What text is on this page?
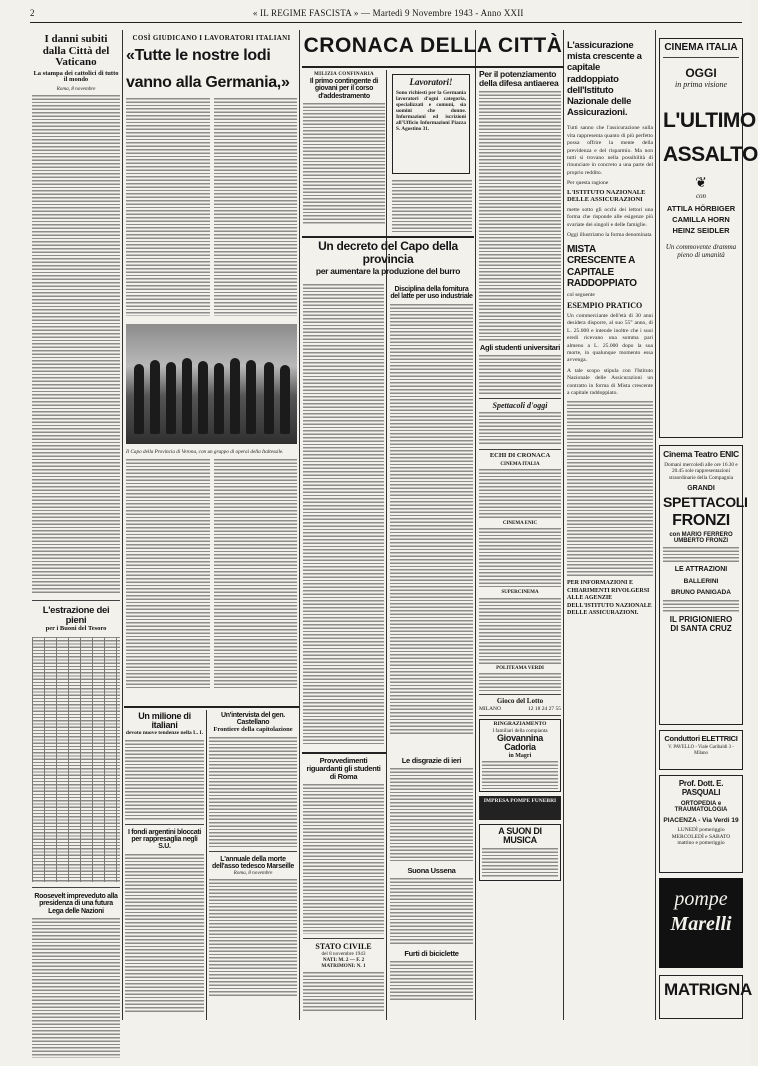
2	« IL REGIME FASCISTA » — Martedì 9 Novembre 1943 - Anno XXII
I danni subiti dalla Città del Vaticano
La stampa dei cattolici di tutto il mondo
Roma, 8 novembre
L'estrazione dei pieni
per i Buoni del Tesoro
Roosevelt impreveduto alla presidenza di una futura Lega delle Nazioni
COSÌ GIUDICANO I LAVORATORI ITALIANI
«Tutte le nostre lodi
vanno alla Germania,»
Il Capo della Provincia di Verona, con un gruppo di operai della Italtessile.
Un milione di italiani
devoto nuove tendenze nella L. I.
I fondi argentini bloccati per rappresaglia negli S.U.
Un'intervista del gen. Castellano
Frontiere della capitolazione
L'annuale della morte dell'asso tedesco Marseille
Roma, 8 novembre
CRONACA DELLA CITTÀ
MILIZIA CONFINARIA
Il primo contingente di giovani per il corso d'addestramento
Lavoratori!
Sono richiesti per la Germania lavoratori d'ogni categoria, specializzati e comuni, sia uomini che donne. Informazioni ed iscrizioni all'Ufficio Informazioni Piazza S. Agostino 31.
Un decreto del Capo della provincia
per aumentare la produzione del burro
Disciplina della fornitura del latte per uso industriale
Provvedimenti riguardanti gli studenti di Roma
STATO CIVILE
del 8 novembre 1943
NATI: M. 2 — F. 2
MATRIMONI: N. 1
Le disgrazie di ieri
Suona Ussena
Furti di biciclette
Per il potenziamento della difesa antiaerea
Agli studenti universitari
Spettacoli d'oggi
ECHI DI CRONACA
CINEMA ITALIA
CINEMA ENIC
SUPERCINEMA
POLITEAMA VERDI
Gioco del Lotto
MILANO	12 18 24 27 55
RINGRAZIAMENTO
I familiari della compianta
Giovannina Cadoria
in Magri
IMPRESA POMPE FUNEBRI
A SUON DI MUSICA
L'assicurazione mista crescente a capitale raddoppiato dell'Istituto Nazionale delle Assicurazioni.
Tutti sanno che l'assicurazione sulla vita rappresenta quanto di più perfetto possa offrire la mente della previdenza e del risparmio. Ma non tutti si trovano nella possibilità di rinunciare in concreto a una parte del proprio reddito.
Per questa ragione
L'ISTITUTO NAZIONALE DELLE ASSICURAZIONI
mette sotto gli occhi dei lettori una forma che risponde alle esigenze più svariate dei singoli e delle famiglie.
Oggi illustriamo la forma denominata
MISTA CRESCENTE A CAPITALE RADDOPPIATO
col seguente
ESEMPIO PRATICO
Un commerciante dell'età di 30 anni desidera disporre, al suo 55° anno, di L. 25.000 e intende inoltre che i suoi eredi ricevano una somma pari almeno a L. 25.000 dopo la sua morte, in qualunque momento essa avvenga.
A tale scopo stipula con l'Istituto Nazionale delle Assicurazioni un contratto in forma di Mista crescente a capitale raddoppiato.
PER INFORMAZIONI E CHIARIMENTI RIVOLGERSI ALLE AGENZIE DELL'ISTITUTO NAZIONALE DELLE ASSICURAZIONI.
CINEMA ITALIA
OGGI
in prima visione
L'ULTIMO
ASSALTO
❦
con
ATTILA HÖRBIGER
CAMILLA HORN
HEINZ SEIDLER
Un commovente dramma pieno di umanità
Cinema Teatro ENIC
Domani mercoledì alle ore 16.30 e 20.45 sole rappresentazioni straordinarie della Compagnia
GRANDI
SPETTACOLI
FRONZI
con MARIO FERRERO UMBERTO FRONZI
LE ATTRAZIONI
BALLERINI
BRUNO PANIGADA
IL PRIGIONIERO
DI SANTA CRUZ
Conduttori ELETTRICI
V. PAVELLO - Viale Garibaldi 3 - Milano
Prof. Dott. E. PASQUALI
ORTOPEDIA e TRAUMATOLOGIA
PIACENZA - Via Verdi 19
LUNEDÌ pomeriggio MERCOLEDÌ e SABATO mattino e pomeriggio
pompe
Marelli
MATRIGNA
